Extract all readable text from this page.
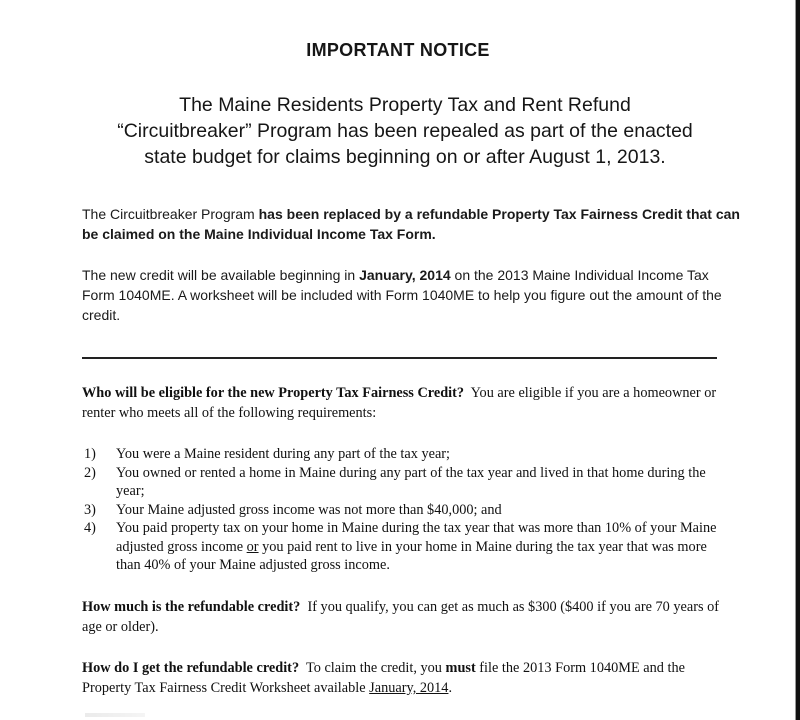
IMPORTANT NOTICE
The Maine Residents Property Tax and Rent Refund
“Circuitbreaker” Program has been repealed as part of the enacted
state budget for claims beginning on or after August 1, 2013.
The Circuitbreaker Program has been replaced by a refundable Property Tax Fairness Credit that can be claimed on the Maine Individual Income Tax Form.
The new credit will be available beginning in January, 2014 on the 2013 Maine Individual Income Tax Form 1040ME. A worksheet will be included with Form 1040ME to help you figure out the amount of the credit.
Who will be eligible for the new Property Tax Fairness Credit?  You are eligible if you are a homeowner or renter who meets all of the following requirements:
1)	You were a Maine resident during any part of the tax year;
2)	You owned or rented a home in Maine during any part of the tax year and lived in that home during the year;
3)	Your Maine adjusted gross income was not more than $40,000; and
4)	You paid property tax on your home in Maine during the tax year that was more than 10% of your Maine adjusted gross income or you paid rent to live in your home in Maine during the tax year that was more than 40% of your Maine adjusted gross income.
How much is the refundable credit?  If you qualify, you can get as much as $300 ($400 if you are 70 years of age or older).
How do I get the refundable credit?  To claim the credit, you must file the 2013 Form 1040ME and the Property Tax Fairness Credit Worksheet available January, 2014.
